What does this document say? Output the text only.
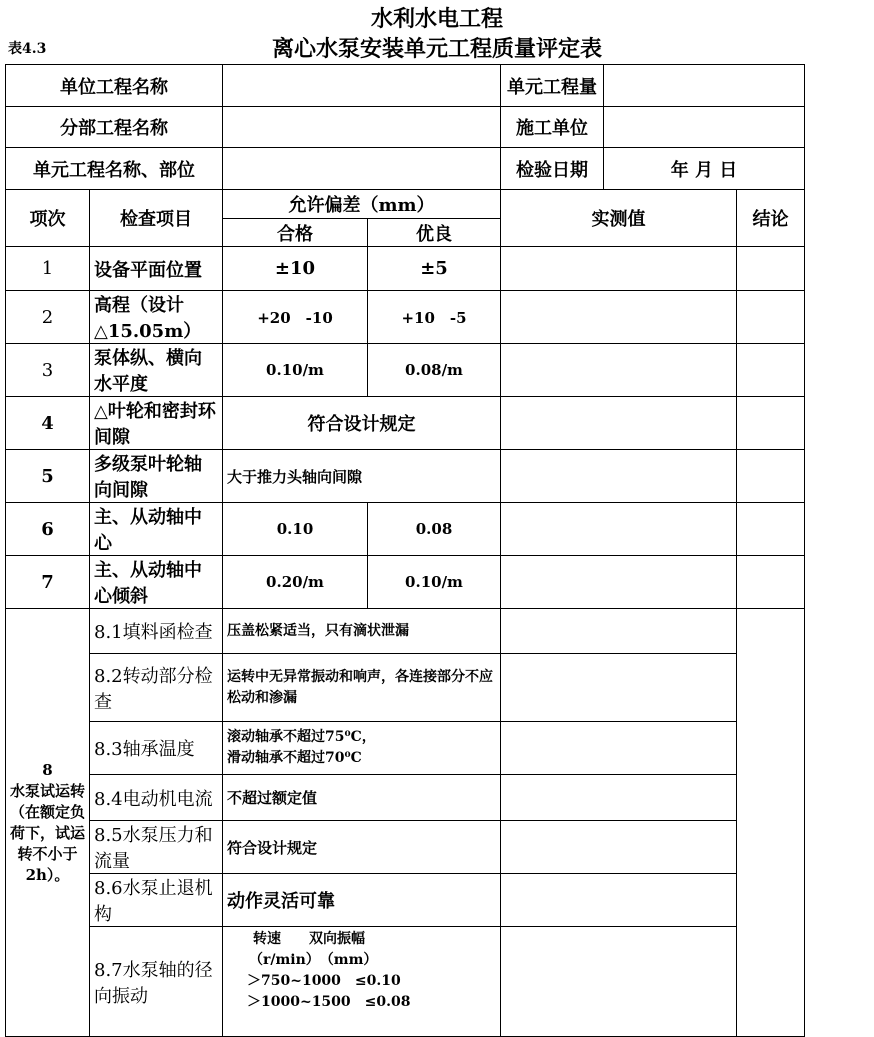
水利水电工程
表4.3	离心水泵安装单元工程质量评定表
单位工程名称				单元工程量		
分部工程名称				施工单位		
单元工程名称、部位				检验日期	年 月 日	
项次	检查项目	允许偏差（mm）		实测值		结论
		合格	优良			
1	设备平面位置	±10	±5			
2	高程（设计△15.05m）	+20　-10	+10　-5			
3	泵体纵、横向水平度	0.10/m	0.08/m			
4	△叶轮和密封环间隙	符合设计规定				
5	多级泵叶轮轴向间隙	大于推力头轴向间隙				
6	主、从动轴中心	0.10	0.08			
7	主、从动轴中心倾斜	0.20/m	0.10/m			

8
水泵试运转（在额定负荷下，试运转不小于2h）。	8.1填料函检查	压盖松紧适当，只有滴状泄漏				
	8.2转动部分检查	运转中无异常振动和响声，各连接部分不应松动和渗漏				
	8.3轴承温度	滚动轴承不超过75⁰C，
滑动轴承不超过70⁰C				

	8.4电动机电流	不超过额定值				
	8.5水泵压力和流量	符合设计规定				
	8.6水泵止退机构	动作灵活可靠				
	8.7水泵轴的径向振动	转速　　双向振幅
（r/min）　（mm）
＞750~1000　≤0.10
＞1000~1500　≤0.08				
